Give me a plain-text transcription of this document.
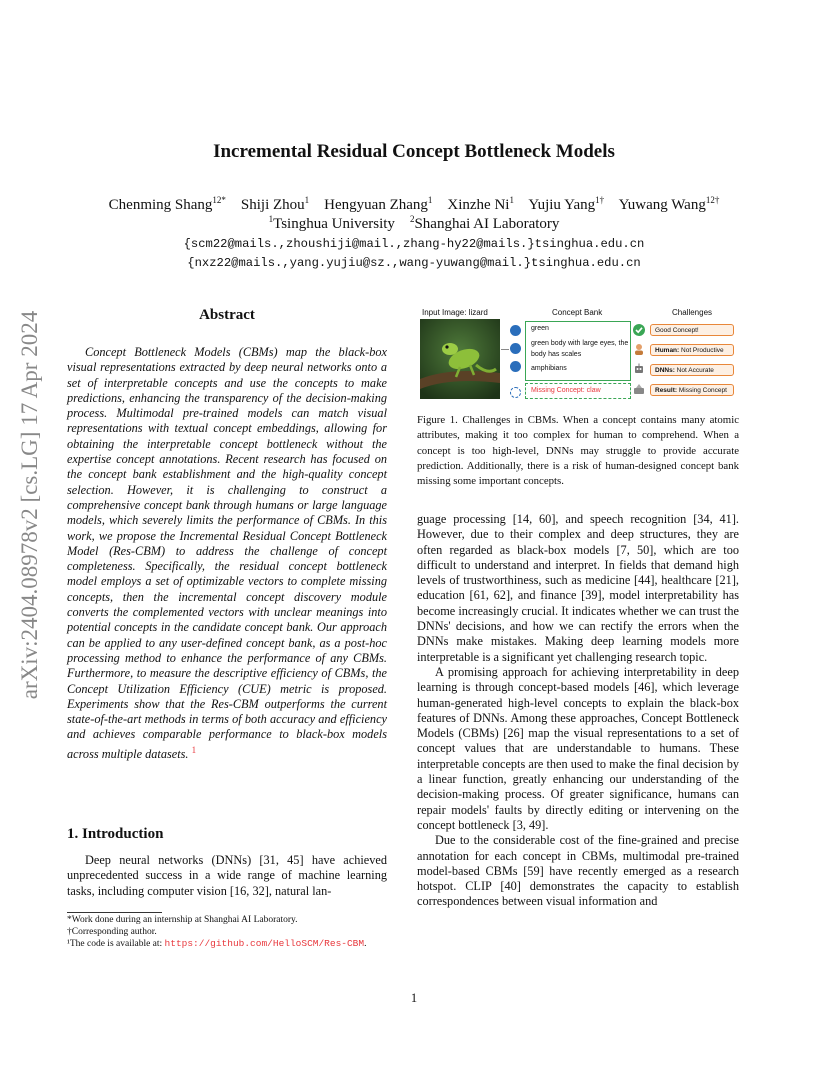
Incremental Residual Concept Bottleneck Models
Chenming Shang$^{12*}$ Shiji Zhou$^1$ Hengyuan Zhang$^1$ Xinzhe Ni$^1$ Yujiu Yang$^{1\dagger}$ Yuwang Wang$^{12\dagger}$
$^1$Tsinghua University $^2$Shanghai AI Laboratory
{scm22@mails.,zhoushiji@mail.,zhang-hy22@mails.}tsinghua.edu.cn
{nxz22@mails.,yang.yujiu@sz.,wang-yuwang@mail.}tsinghua.edu.cn
arXiv:2404.08978v2 [cs.LG] 17 Apr 2024	Abstract

Concept Bottleneck Models (CBMs) map the black-box visual representations extracted by deep neural networks onto a set of interpretable concepts and use the concepts to make predictions, enhancing the transparency of the decision-making process. Multimodal pre-trained models can match visual representations with textual concept embeddings, allowing for obtaining the interpretable concept bottleneck without the expertise concept annotations. Recent research has focused on the concept bank establishment and the high-quality concept selection. However, it is challenging to construct a comprehensive concept bank through humans or large language models, which severely limits the performance of CBMs. In this work, we propose the Incremental Residual Concept Bottleneck Model (Res-CBM) to address the challenge of concept completeness. Specifically, the residual concept bottleneck model employs a set of optimizable vectors to complete missing concepts, then the incremental concept discovery module converts the complemented vectors with unclear meanings into potential concepts in the candidate concept bank. Our approach can be applied to any user-defined concept bank, as a post-hoc processing method to enhance the performance of any CBMs. Furthermore, to measure the descriptive efficiency of CBMs, the Concept Utilization Efficiency (CUE) metric is proposed. Experiments show that the Res-CBM outperforms the current state-of-the-art methods in terms of both accuracy and efficiency and achieves comparable performance to black-box models across multiple datasets. $^1$

1. Introduction

Deep neural networks (DNNs) [31, 45] have achieved unprecedented success in a wide range of machine learning tasks, including computer vision [16, 32], natural lan-

*Work done during an internship at Shanghai AI Laboratory.
†Corresponding author.
¹The code is available at: https://github.com/HelloSCM/Res-CBM.
Input Image: lizard	Concept Bank	Challenges
green
green body with large eyes, the body has scales
amphibians
Missing Concept: claw
Good Concept!
Human: Not Productive
DNNs: Not Accurate
Result: Missing Concept
Figure 1. Challenges in CBMs. When a concept contains many atomic attributes, making it too complex for human to comprehend. When a concept is too high-level, DNNs may struggle to provide accurate prediction. Additionally, there is a risk of human-designed concept bank missing some important concepts.

guage processing [14, 60], and speech recognition [34, 41]. However, due to their complex and deep structures, they are often regarded as black-box models [7, 50], which are too difficult to understand and interpret. In fields that demand high levels of trustworthiness, such as medicine [44], healthcare [21], education [61, 62], and finance [39], model interpretability has become increasingly crucial. It indicates whether we can trust the DNNs' decisions, and how we can rectify the errors when the DNNs make mistakes. Making deep learning models more interpretable is a significant yet challenging research topic.

A promising approach for achieving interpretability in deep learning is through concept-based models [46], which leverage human-generated high-level concepts to explain the black-box features of DNNs. Among these approaches, Concept Bottleneck Models (CBMs) [26] map the visual representations to a set of concept values that are understandable to humans. These interpretable concepts are then used to make the final decision by a linear function, greatly enhancing our understanding of the decision-making process. Of greater significance, humans can repair models' faults by directly editing or intervening on the concept bottleneck [3, 49].

Due to the considerable cost of the fine-grained and precise annotation for each concept in CBMs, multimodal pre-trained model-based CBMs [59] have recently emerged as a research hotspot. CLIP [40] demonstrates the capacity to establish correspondences between visual information and

1
